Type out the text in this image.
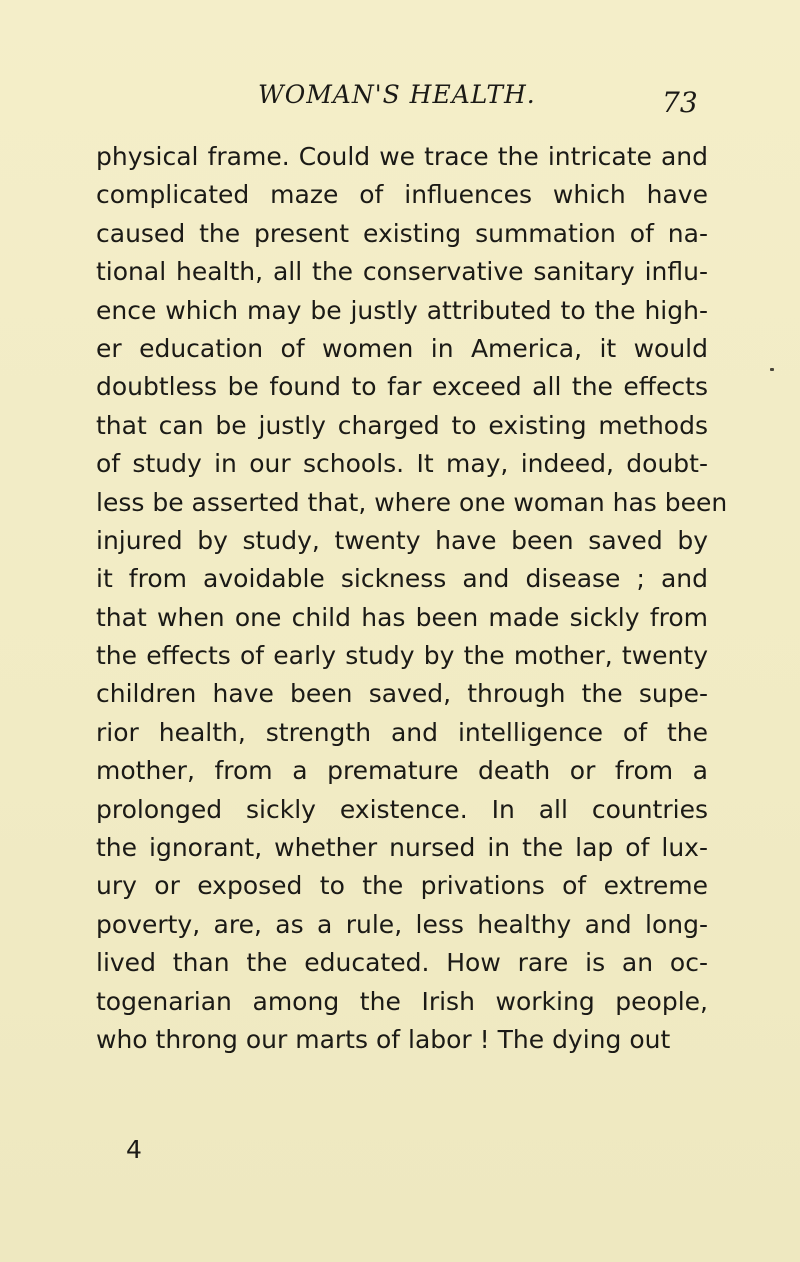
WOMAN'S HEALTH.	73
physical frame. Could we trace the intricate and
complicated maze of influences which have
caused the present existing summation of na-
tional health, all the conservative sanitary influ-
ence which may be justly attributed to the high-
er education of women in America, it would
doubtless be found to far exceed all the effects
that can be justly charged to existing methods
of study in our schools. It may, indeed, doubt-
less be asserted that, where one woman has been
injured by study, twenty have been saved by
it from avoidable sickness and disease ; and
that when one child has been made sickly from
the effects of early study by the mother, twenty
children have been saved, through the supe-
rior health, strength and intelligence of the
mother, from a premature death or from a
prolonged sickly existence. In all countries
the ignorant, whether nursed in the lap of lux-
ury or exposed to the privations of extreme
poverty, are, as a rule, less healthy and long-
lived than the educated. How rare is an oc-
togenarian among the Irish working people,
who throng our marts of labor ! The dying out
4
